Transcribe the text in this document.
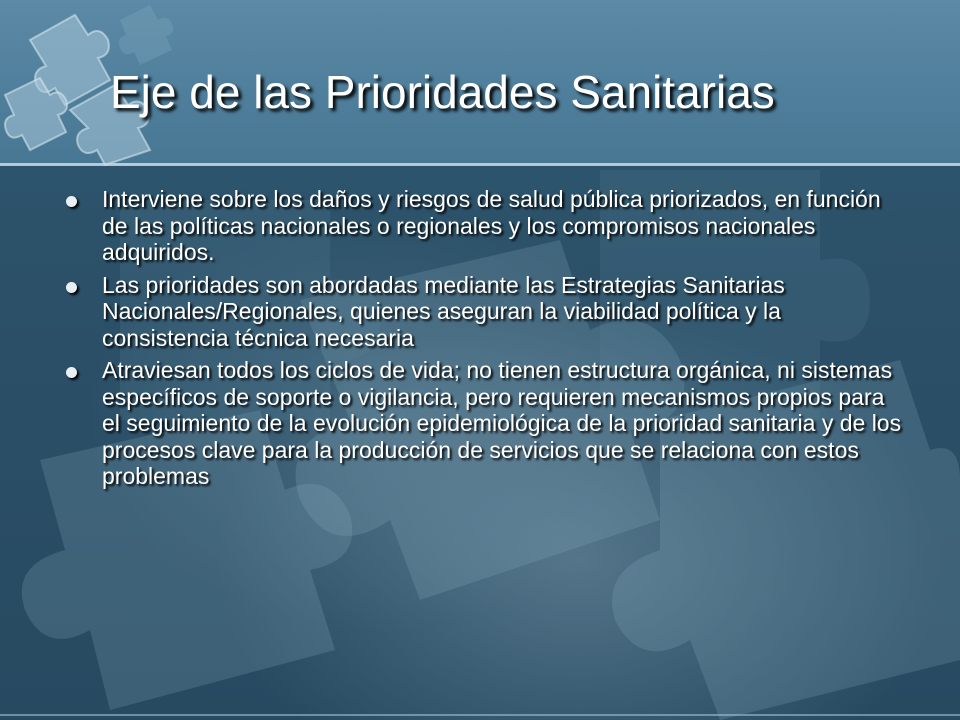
Eje de las Prioridades Sanitarias
Interviene sobre los daños y riesgos de salud pública priorizados, en función de las políticas nacionales o regionales y los compromisos nacionales adquiridos.
Las prioridades son abordadas mediante las Estrategias Sanitarias Nacionales/Regionales, quienes aseguran la viabilidad política y la consistencia técnica necesaria
Atraviesan todos los ciclos de vida; no tienen estructura orgánica, ni sistemas específicos de soporte o vigilancia, pero requieren mecanismos propios para el seguimiento de la evolución epidemiológica de la prioridad sanitaria y de los procesos clave para la producción de servicios que se relaciona con estos problemas
